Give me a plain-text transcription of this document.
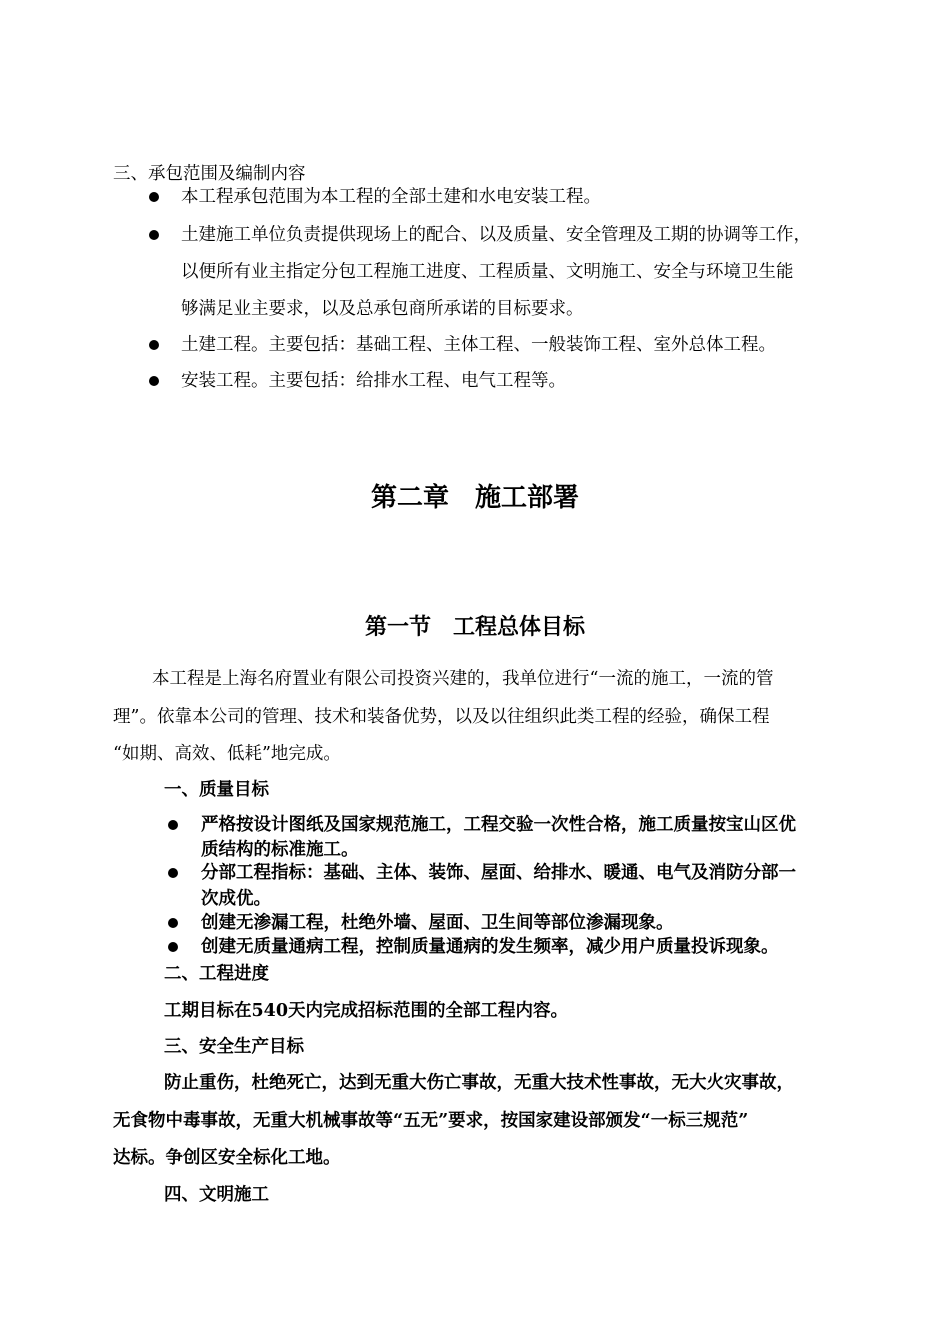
三、承包范围及编制内容
本工程承包范围为本工程的全部土建和水电安装工程。
土建施工单位负责提供现场上的配合、以及质量、安全管理及工期的协调等工作，
以便所有业主指定分包工程施工进度、工程质量、文明施工、安全与环境卫生能
够满足业主要求，以及总承包商所承诺的目标要求。
土建工程。主要包括：基础工程、主体工程、一般装饰工程、室外总体工程。
安装工程。主要包括：给排水工程、电气工程等。
第二章　施工部署
第一节　工程总体目标
本工程是上海名府置业有限公司投资兴建的，我单位进行“一流的施工，一流的管
理”。依靠本公司的管理、技术和装备优势，以及以往组织此类工程的经验，确保工程
“如期、高效、低耗”地完成。
一、质量目标
严格按设计图纸及国家规范施工，工程交验一次性合格，施工质量按宝山区优
质结构的标准施工。
分部工程指标：基础、主体、装饰、屋面、给排水、暖通、电气及消防分部一
次成优。
创建无渗漏工程，杜绝外墙、屋面、卫生间等部位渗漏现象。
创建无质量通病工程，控制质量通病的发生频率，减少用户质量投诉现象。
二、工程进度
工期目标在540天内完成招标范围的全部工程内容。
三、安全生产目标
防止重伤，杜绝死亡，达到无重大伤亡事故，无重大技术性事故，无大火灾事故，
无食物中毒事故，无重大机械事故等“五无”要求，按国家建设部颁发“一标三规范”
达标。争创区安全标化工地。
四、文明施工
